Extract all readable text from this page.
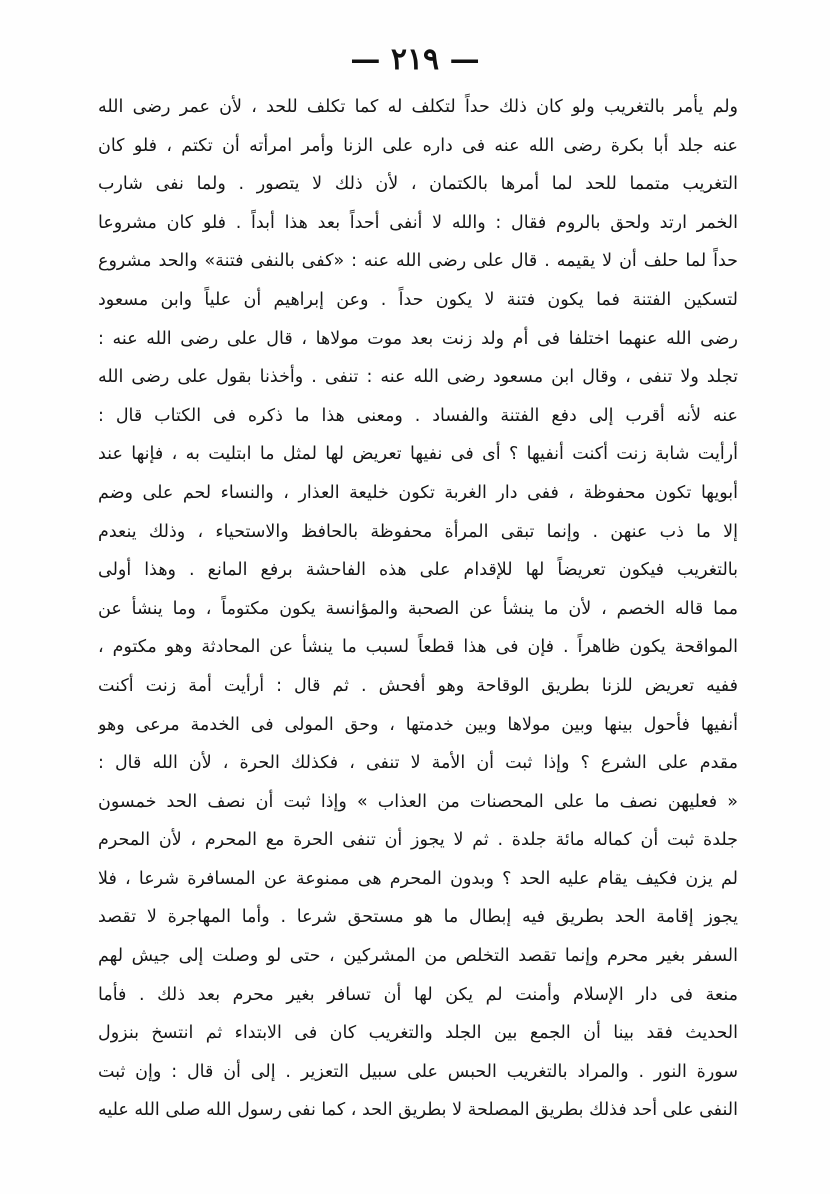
— ٢١٩ —
ولم يأمر بالتغريب ولو كان ذلك حداً لتكلف له كما تكلف للحد ، لأن عمر رضى الله
عنه جلد أبا بكرة رضى الله عنه فى داره على الزنا وأمر امرأته أن تكتم ، فلو كان
التغريب متمما للحد لما أمرها بالكتمان ، لأن ذلك لا يتصور . ولما نفى شارب
الخمر ارتد ولحق بالروم فقال : والله لا أنفى أحداً بعد هذا أبداً . فلو كان مشروعا
حداً لما حلف أن لا يقيمه . قال على رضى الله عنه : «كفى بالنفى فتنة» والحد مشروع
لتسكين الفتنة فما يكون فتنة لا يكون حداً . وعن إبراهيم أن علياً وابن مسعود
رضى الله عنهما اختلفا فى أم ولد زنت بعد موت مولاها ، قال على رضى الله عنه :
تجلد ولا تنفى ، وقال ابن مسعود رضى الله عنه : تنفى . وأخذنا بقول على رضى الله
عنه لأنه أقرب إلى دفع الفتنة والفساد . ومعنى هذا ما ذكره فى الكتاب قال :
أرأيت شابة زنت أكنت أنفيها ؟ أى فى نفيها تعريض لها لمثل ما ابتليت به ، فإنها عند
أبويها تكون محفوظة ، ففى دار الغربة تكون خليعة العذار ، والنساء لحم على وضم
إلا ما ذب عنهن . وإنما تبقى المرأة محفوظة بالحافظ والاستحياء ، وذلك ينعدم
بالتغريب فيكون تعريضاً لها للإقدام على هذه الفاحشة برفع المانع . وهذا أولى
مما قاله الخصم ، لأن ما ينشأ عن الصحبة والمؤانسة يكون مكتوماً ، وما ينشأ عن
المواقحة يكون ظاهراً . فإن فى هذا قطعاً لسبب ما ينشأ عن المحادثة وهو مكتوم ،
ففيه تعريض للزنا بطريق الوقاحة وهو أفحش . ثم قال : أرأيت أمة زنت أكنت
أنفيها فأحول بينها وبين مولاها وبين خدمتها ، وحق المولى فى الخدمة مرعى وهو
مقدم على الشرع ؟ وإذا ثبت أن الأمة لا تنفى ، فكذلك الحرة ، لأن الله قال :
« فعليهن نصف ما على المحصنات من العذاب » وإذا ثبت أن نصف الحد خمسون
جلدة ثبت أن كماله مائة جلدة . ثم لا يجوز أن تنفى الحرة مع المحرم ، لأن المحرم
لم يزن فكيف يقام عليه الحد ؟ وبدون المحرم هى ممنوعة عن المسافرة شرعا ، فلا
يجوز إقامة الحد بطريق فيه إبطال ما هو مستحق شرعا . وأما المهاجرة لا تقصد
السفر بغير محرم وإنما تقصد التخلص من المشركين ، حتى لو وصلت إلى جيش لهم
منعة فى دار الإسلام وأمنت لم يكن لها أن تسافر بغير محرم بعد ذلك . فأما
الحديث فقد بينا أن الجمع بين الجلد والتغريب كان فى الابتداء ثم انتسخ بنزول
سورة النور . والمراد بالتغريب الحبس على سبيل التعزير . إلى أن قال : وإن ثبت
النفى على أحد فذلك بطريق المصلحة لا بطريق الحد ، كما نفى رسول الله صلى الله عليه
